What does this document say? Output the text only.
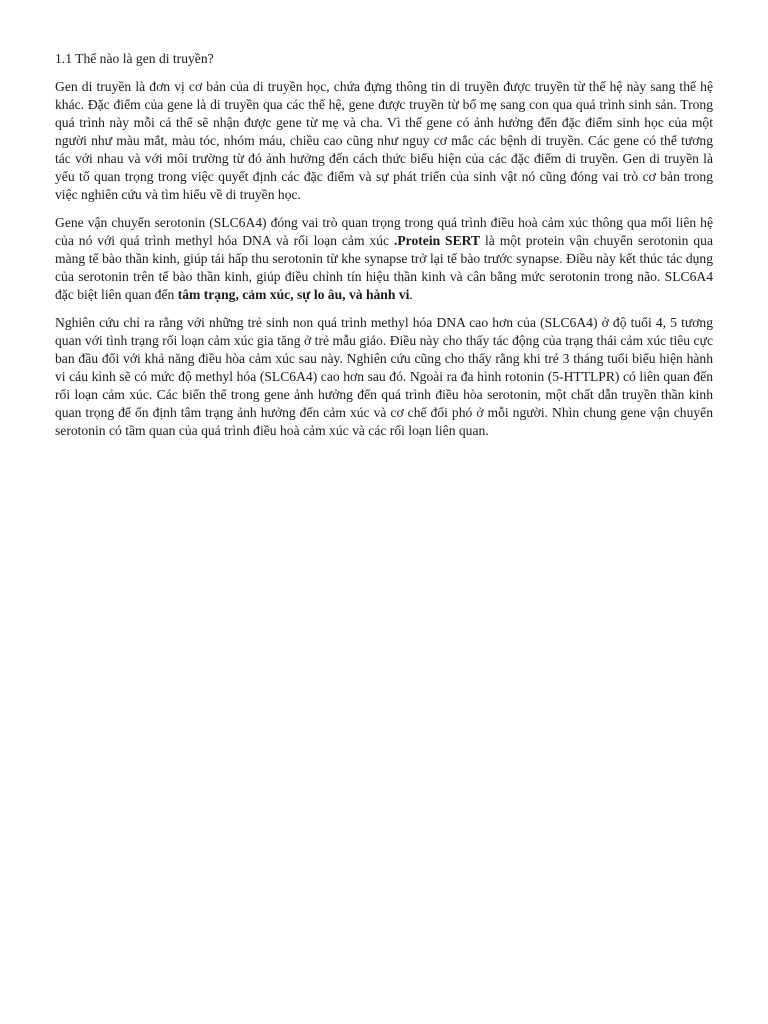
1.1 Thế nào là gen di truyền?

Gen di truyền là đơn vị cơ bản của di truyền học, chứa đựng thông tin di truyền được truyền từ thế hệ này sang thế hệ khác. Đặc điểm của gene là di truyền qua các thế hệ, gene được truyền từ bố mẹ sang con qua quá trình sinh sản. Trong quá trình này mỗi cá thể sẽ nhận được gene từ mẹ và cha. Vì thế gene có ảnh hưởng đến đặc điểm sinh học của một người như màu mắt, màu tóc, nhóm máu, chiều cao cũng như nguy cơ mắc các bệnh di truyền. Các gene có thể tương tác với nhau và với môi trường từ đó ảnh hưởng đến cách thức biểu hiện của các đặc điểm di truyền. Gen di truyền là yếu tố quan trọng trong việc quyết định các đặc điểm và sự phát triển của sinh vật nó cũng đóng vai trò cơ bản trong việc nghiên cứu và tìm hiểu về di truyền học.

Gene vận chuyển serotonin (SLC6A4) đóng vai trò quan trọng trong quá trình điều hoà cảm xúc thông qua mối liên hệ của nó với quá trình methyl hóa DNA và rối loạn cảm xúc .Protein SERT là một protein vận chuyển serotonin qua màng tế bào thần kinh, giúp tái hấp thu serotonin từ khe synapse trở lại tế bào trước synapse. Điều này kết thúc tác dụng của serotonin trên tế bào thần kinh, giúp điều chỉnh tín hiệu thần kinh và cân bằng mức serotonin trong não. SLC6A4 đặc biệt liên quan đến tâm trạng, cảm xúc, sự lo âu, và hành vi.

Nghiên cứu chỉ ra rằng với những trẻ sinh non quá trình methyl hóa DNA cao hơn của (SLC6A4) ở độ tuổi 4, 5 tương quan với tình trạng rối loạn cảm xúc gia tăng ở trẻ mẫu giáo. Điều này cho thấy tác động của trạng thái cảm xúc tiêu cực ban đầu đối với khả năng điều hòa cảm xúc sau này. Nghiên cứu cũng cho thấy rằng khi trẻ 3 tháng tuổi biểu hiện hành vi cáu kỉnh sẽ có mức độ methyl hóa (SLC6A4) cao hơn sau đó. Ngoài ra đa hình rotonin (5-HTTLPR) có liên quan đến rối loạn cảm xúc. Các biến thể trong gene ảnh hưởng đến quá trình điều hòa serotonin, một chất dẫn truyền thần kinh quan trọng để ổn định tâm trạng ảnh hưởng đến cảm xúc và cơ chế đối phó ở mỗi người. Nhìn chung gene vận chuyển serotonin có tầm quan của quá trình điều hoà cảm xúc và các rối loạn liên quan.
